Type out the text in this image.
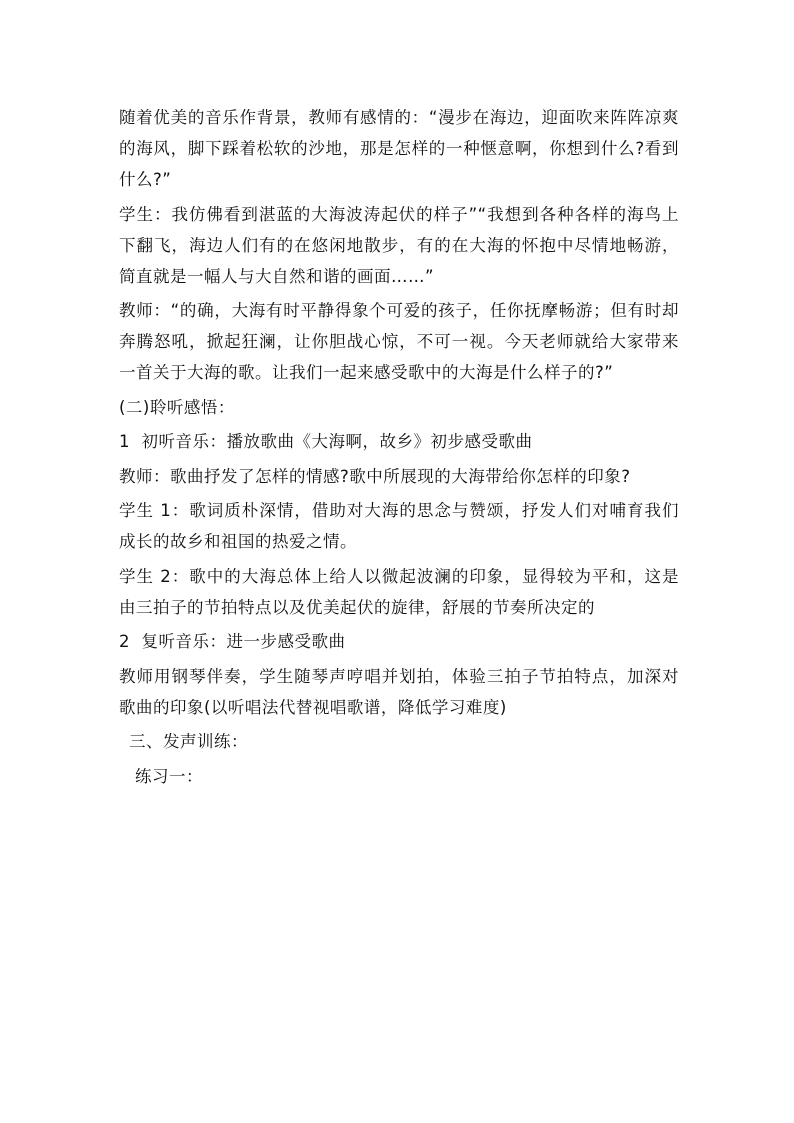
随着优美的音乐作背景，教师有感情的：“漫步在海边，迎面吹来阵阵凉爽的海风，脚下踩着松软的沙地，那是怎样的一种惬意啊，你想到什么?看到什么?”

学生：我仿佛看到湛蓝的大海波涛起伏的样子”“我想到各种各样的海鸟上下翻飞，海边人们有的在悠闲地散步，有的在大海的怀抱中尽情地畅游，简直就是一幅人与大自然和谐的画面……”

教师：“的确，大海有时平静得象个可爱的孩子，任你抚摩畅游；但有时却奔腾怒吼，掀起狂澜，让你胆战心惊，不可一视。今天老师就给大家带来一首关于大海的歌。让我们一起来感受歌中的大海是什么样子的?”

(二)聆听感悟：

1  初听音乐：播放歌曲《大海啊，故乡》初步感受歌曲

教师：歌曲抒发了怎样的情感?歌中所展现的大海带给你怎样的印象?

学生 1：歌词质朴深情，借助对大海的思念与赞颂，抒发人们对哺育我们成长的故乡和祖国的热爱之情。

学生 2：歌中的大海总体上给人以微起波澜的印象，显得较为平和，这是由三拍子的节拍特点以及优美起伏的旋律，舒展的节奏所决定的

2  复听音乐：进一步感受歌曲

教师用钢琴伴奏，学生随琴声哼唱并划拍，体验三拍子节拍特点，加深对歌曲的印象(以听唱法代替视唱歌谱，降低学习难度)

三、发声训练：

练习一：
